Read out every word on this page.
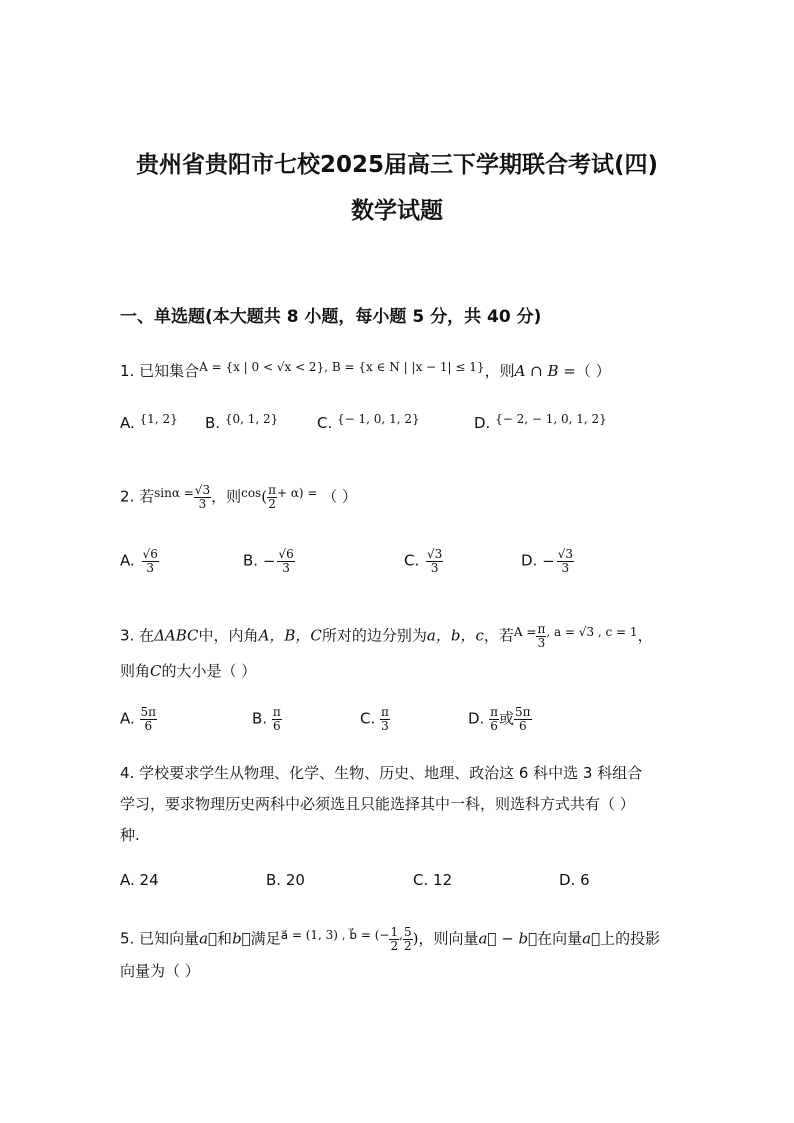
贵州省贵阳市七校2025届高三下学期联合考试(四)
数学试题
一、单选题(本大题共 8 小题，每小题 5 分，共 40 分)
1. 已知集合$^{A = \{x | 0 < √x < 2\},}$ $^{B = \{x \in N | |x - 1| \le 1\}}$，则A ∩ B =（ ）
A. $^{\{1, 2\}}$ B. $^{\{0, 1, 2\}}$	C. $^{\{- 1, 0, 1, 2\}}$	D. $^{\{- 2, - 1, 0, 1, 2\}}$
2. 若$^{sin\alpha =} \frac{√3}{3}$ ，则$^{cos}( \frac{\pi}{2} ^{+ \alpha) =}$ （ ）
A. $\frac{√6}{3}$	B. − $\frac{√6}{3}$	C. $\frac{√3}{3}$	D. − $\frac{√3}{3}$
3. 在ΔABC中，内角A，B，C所对的边分别为a，b，c，若$^{A =} \frac{\pi}{3} ^{, a = √3 , c = 1}$，
则角C的大小是（ ）
A. $\frac{5\pi}{6}$	B. $\frac{\pi}{6}$	C. $\frac{\pi}{3}$	D. $\frac{\pi}{6}$ 或 $\frac{5\pi}{6}$
4. 学校要求学生从物理、化学、生物、历史、地理、政治这 6 科中选 3 科组合
学习，要求物理历史两科中必须选且只能选择其中一科，则选科方式共有（ ）
种.
A. 24	B. 20	C. 12	D. 6
5. 已知向量a⃗和b⃗满足$^{a⃗ = (1, 3) , b⃗ = (-} \frac{1}{2} ^, \frac{5}{2}$ )，则向量a⃗ − b⃗在向量a⃗上的投影
向量为（ ）
